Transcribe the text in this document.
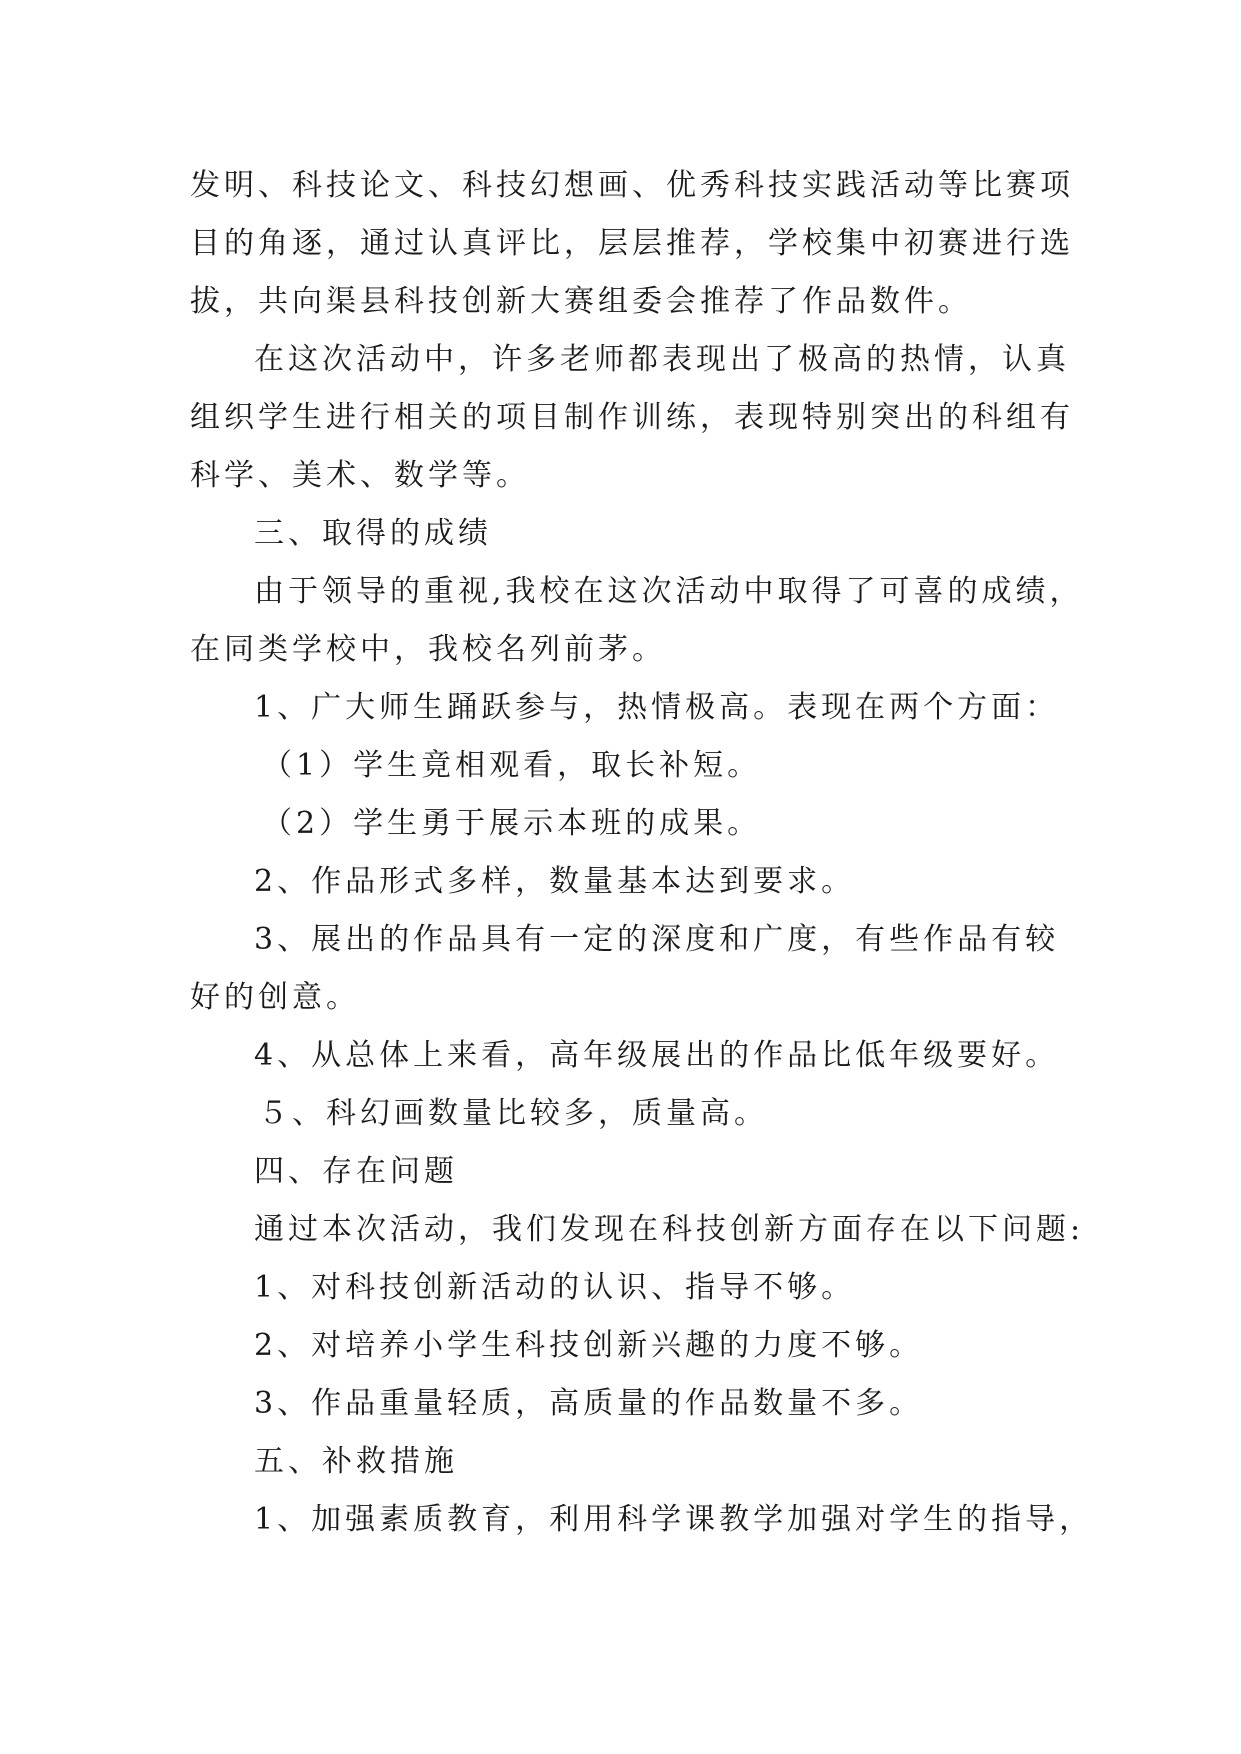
发明、科技论文、科技幻想画、优秀科技实践活动等比赛项
目的角逐，通过认真评比，层层推荐，学校集中初赛进行选
拔，共向渠县科技创新大赛组委会推荐了作品数件。
在这次活动中，许多老师都表现出了极高的热情，认真
组织学生进行相关的项目制作训练，表现特别突出的科组有
科学、美术、数学等。
三、取得的成绩
由于领导的重视,我校在这次活动中取得了可喜的成绩，
在同类学校中，我校名列前茅。
1、广大师生踊跃参与，热情极高。表现在两个方面：
（1）学生竟相观看，取长补短。
（2）学生勇于展示本班的成果。
2、作品形式多样，数量基本达到要求。
3、展出的作品具有一定的深度和广度，有些作品有较
好的创意。
4、从总体上来看，高年级展出的作品比低年级要好。
５、科幻画数量比较多，质量高。
四、存在问题
通过本次活动，我们发现在科技创新方面存在以下问题:
1、对科技创新活动的认识、指导不够。
2、对培养小学生科技创新兴趣的力度不够。
3、作品重量轻质，高质量的作品数量不多。
五、补救措施
1、加强素质教育，利用科学课教学加强对学生的指导，
